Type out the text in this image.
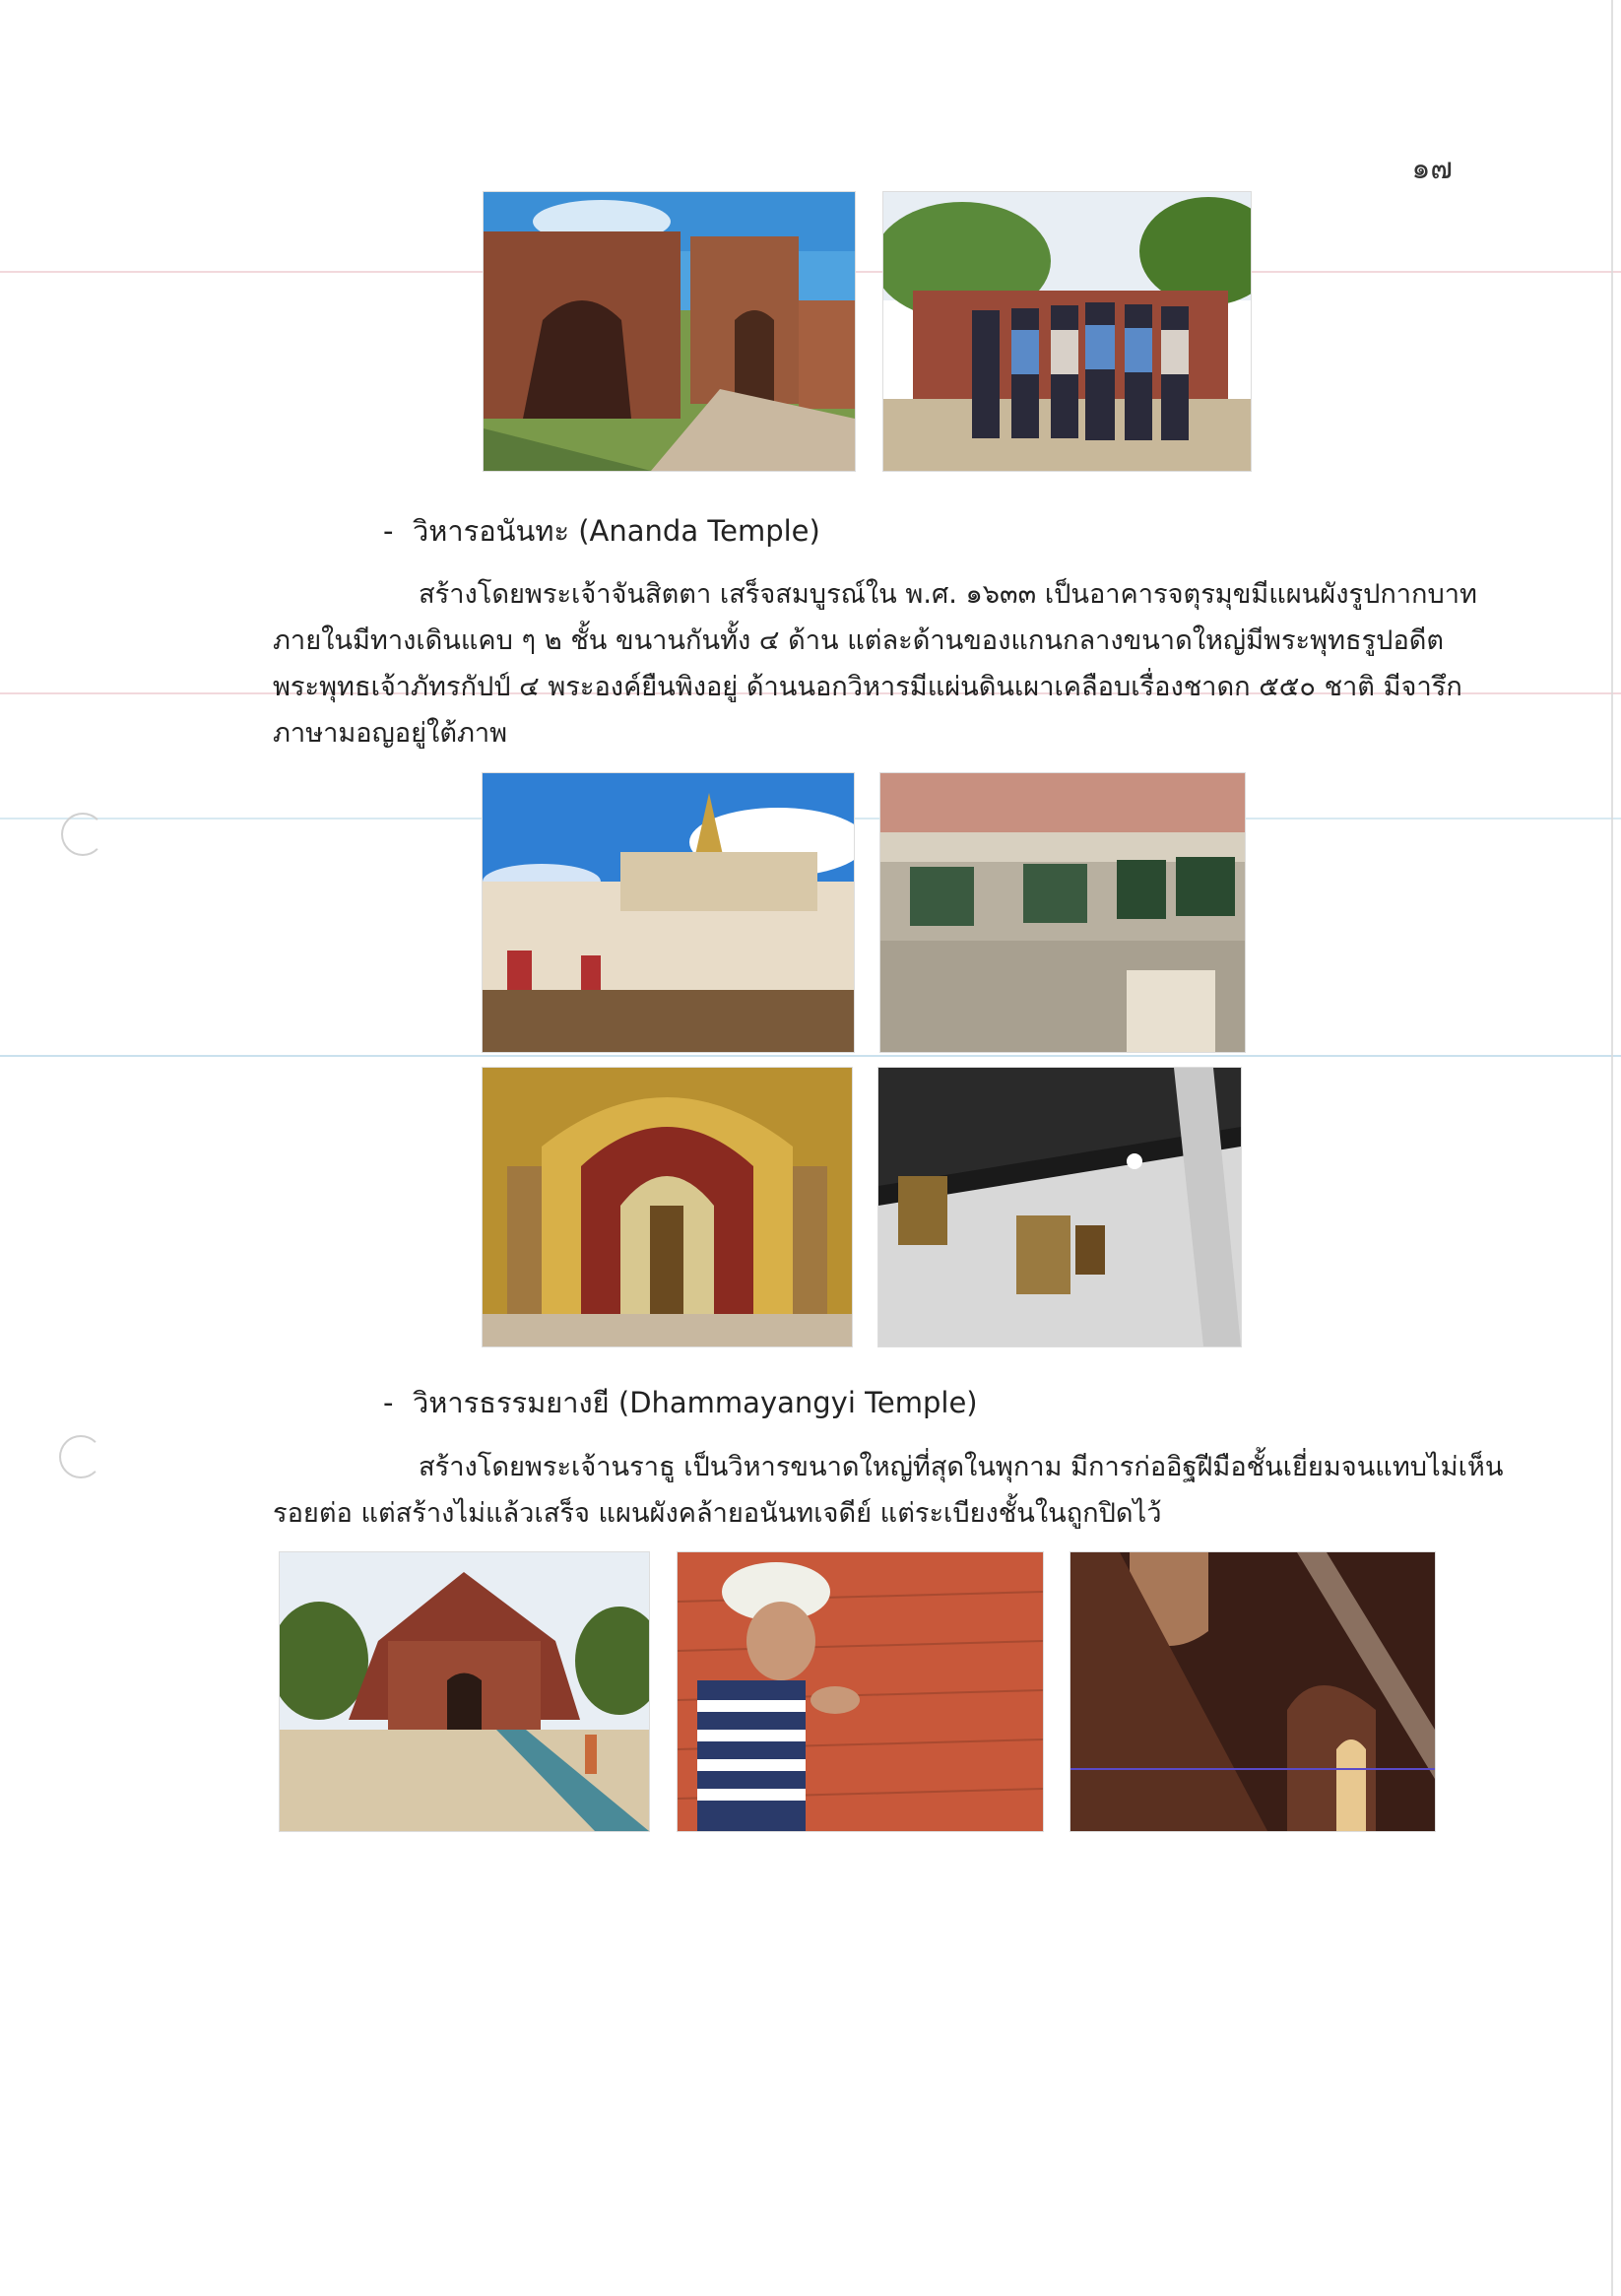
๑๗
- วิหารอนันทะ (Ananda Temple)
สร้างโดยพระเจ้าจันสิตตา เสร็จสมบูรณ์ใน พ.ศ. ๑๖๓๓ เป็นอาคารจตุรมุขมีแผนผังรูปกากบาท
ภายในมีทางเดินแคบ ๆ ๒ ชั้น ขนานกันทั้ง ๔ ด้าน แต่ละด้านของแกนกลางขนาดใหญ่มีพระพุทธรูปอดีต
พระพุทธเจ้าภัทรกัปป์ ๔ พระองค์ยืนพิงอยู่ ด้านนอกวิหารมีแผ่นดินเผาเคลือบเรื่องชาดก ๕๕๐ ชาติ มีจารึก
ภาษามอญอยู่ใต้ภาพ
- วิหารธรรมยางยี (Dhammayangyi Temple)
สร้างโดยพระเจ้านราธู เป็นวิหารขนาดใหญ่ที่สุดในพุกาม มีการก่ออิฐฝีมือชั้นเยี่ยมจนแทบไม่เห็น
รอยต่อ แต่สร้างไม่แล้วเสร็จ แผนผังคล้ายอนันทเจดีย์ แต่ระเบียงชั้นในถูกปิดไว้
